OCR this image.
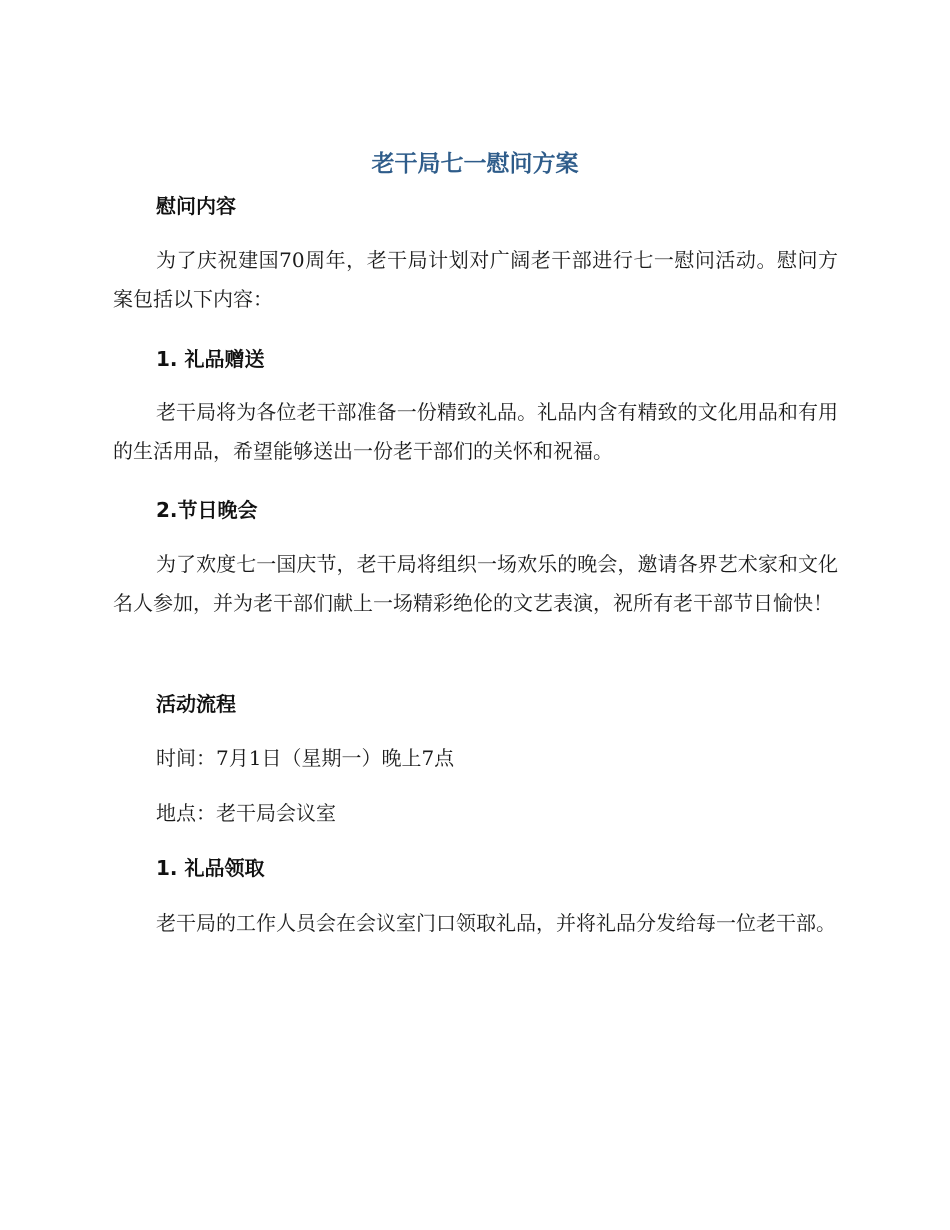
老干局七一慰问方案
慰问内容

为了庆祝建国70周年，老干局计划对广阔老干部进行七一慰问活动。慰问方案包括以下内容：

1. 礼品赠送

老干局将为各位老干部准备一份精致礼品。礼品内含有精致的文化用品和有用的生活用品，希望能够送出一份老干部们的关怀和祝福。

2.节日晚会

为了欢度七一国庆节，老干局将组织一场欢乐的晚会，邀请各界艺术家和文化名人参加，并为老干部们献上一场精彩绝伦的文艺表演，祝所有老干部节日愉快！

活动流程

时间：7月1日（星期一）晚上7点

地点：老干局会议室

1. 礼品领取

老干局的工作人员会在会议室门口领取礼品，并将礼品分发给每一位老干部。
